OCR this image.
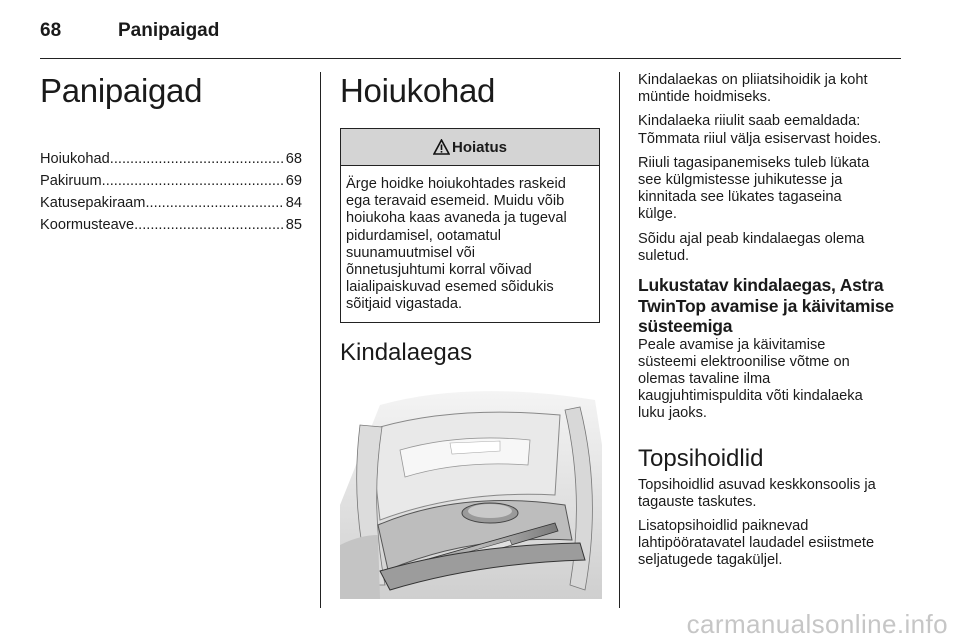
68	Panipaigad
Panipaigad
Hoiukohad .....	68
Pakiruum .....	69
Katusepakiraam .....	84
Koormusteave .....	85
Hoiukohad
Hoiatus
Ärge hoidke hoiukohtades raskeid
ega teravaid esemeid. Muidu võib
hoiukoha kaas avaneda ja tugeval
pidurdamisel, ootamatul
suunamuutmisel või
õnnetusjuhtumi korral võivad
laialipaiskuvad esemed sõidukis
sõitjaid vigastada.
Kindalaegas

Kindalaekas on pliiatsihoidik ja koht
müntide hoidmiseks.

Kindalaeka riiulit saab eemaldada:
Tõmmata riiul välja esiservast hoides.

Riiuli tagasipanemiseks tuleb lükata
see külgmistesse juhikutesse ja
kinnitada see lükates tagaseina
külge.

Sõidu ajal peab kindalaegas olema
suletud.

Lukustatav kindalaegas, Astra
TwinTop avamise ja käivitamise
süsteemiga

Peale avamise ja käivitamise
süsteemi elektroonilise võtme on
olemas tavaline ilma
kaugjuhtimispuldita võti kindalaeka
luku jaoks.

Topsihoidlid

Topsihoidlid asuvad keskkonsoolis ja
tagauste taskutes.

Lisatopsihoidlid paiknevad
lahtipööratavatel laudadel esiistmete
seljatugede tagaküljel.

carmanualsonline.info
